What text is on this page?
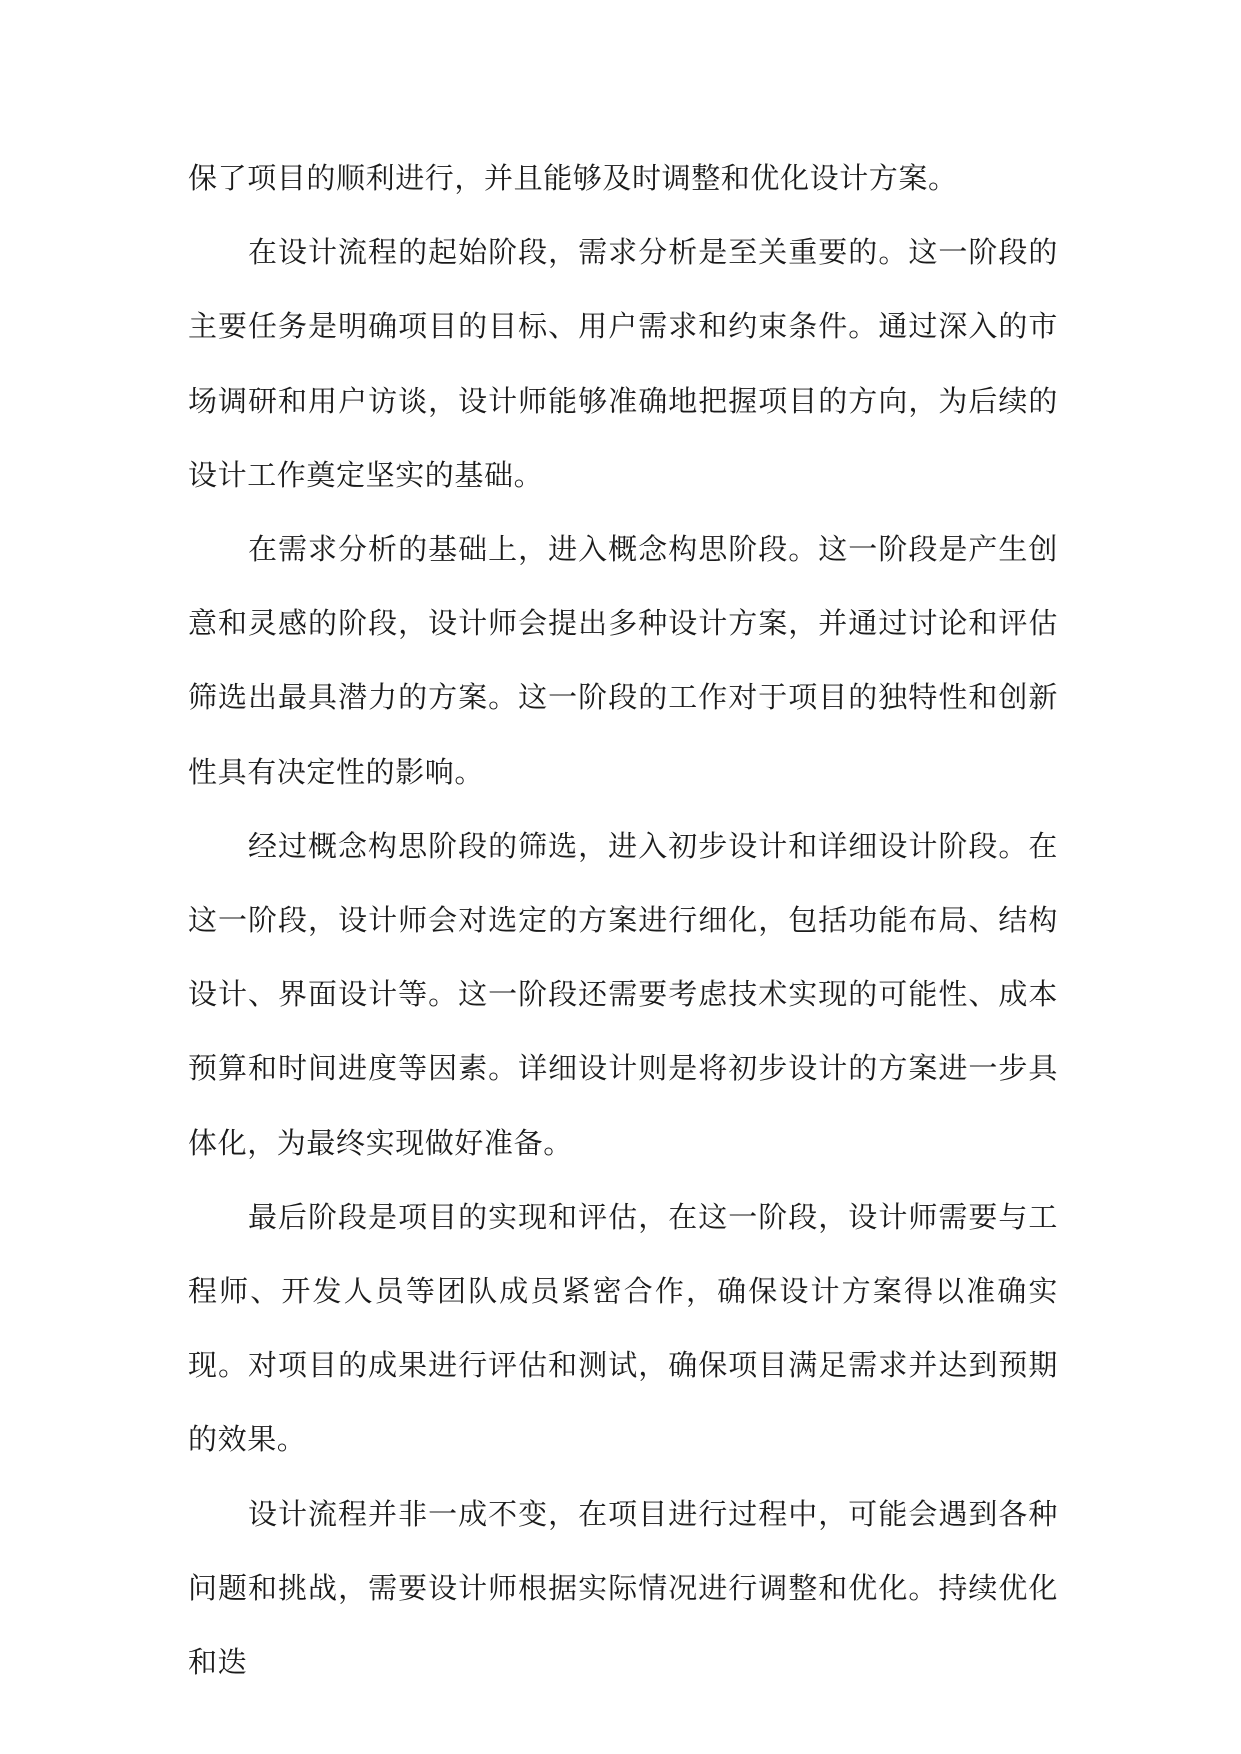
保了项目的顺利进行，并且能够及时调整和优化设计方案。

在设计流程的起始阶段，需求分析是至关重要的。这一阶段的主要任务是明确项目的目标、用户需求和约束条件。通过深入的市场调研和用户访谈，设计师能够准确地把握项目的方向，为后续的设计工作奠定坚实的基础。

在需求分析的基础上，进入概念构思阶段。这一阶段是产生创意和灵感的阶段，设计师会提出多种设计方案，并通过讨论和评估筛选出最具潜力的方案。这一阶段的工作对于项目的独特性和创新性具有决定性的影响。

经过概念构思阶段的筛选，进入初步设计和详细设计阶段。在这一阶段，设计师会对选定的方案进行细化，包括功能布局、结构设计、界面设计等。这一阶段还需要考虑技术实现的可能性、成本预算和时间进度等因素。详细设计则是将初步设计的方案进一步具体化，为最终实现做好准备。

最后阶段是项目的实现和评估，在这一阶段，设计师需要与工程师、开发人员等团队成员紧密合作，确保设计方案得以准确实现。对项目的成果进行评估和测试，确保项目满足需求并达到预期的效果。

设计流程并非一成不变，在项目进行过程中，可能会遇到各种问题和挑战，需要设计师根据实际情况进行调整和优化。持续优化和迭
